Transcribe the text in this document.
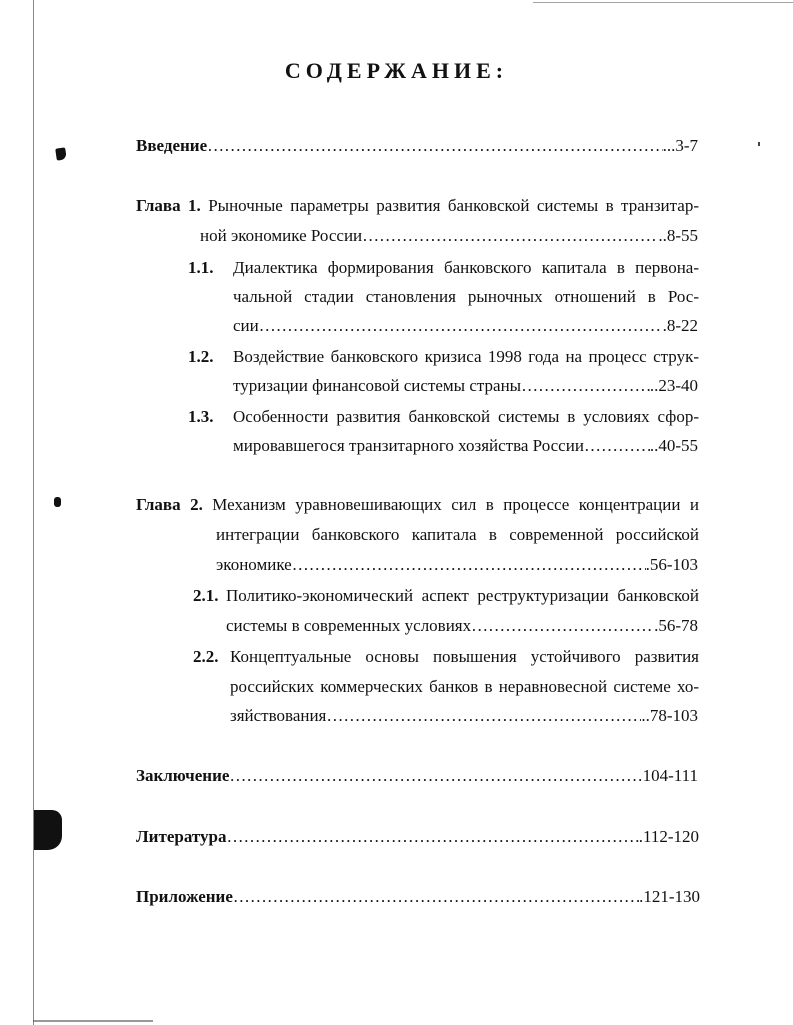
СОДЕРЖАНИЕ:
Введение ……………………………………………………………………………………………………………………………………………………………………………………………	...3-7
Глава 1. Рыночные параметры развития банковской системы в транзитар-
ной экономике России ……………………………………………………………………………………………………………………………………………………………………………………………	..8-55
1.1. Диалектика формирования банковского капитала в первона-
чальной стадии становления рыночных отношений в Рос-
сии ……………………………………………………………………………………………………………………………………………………………………………………………	.8-22
1.2. Воздействие банковского кризиса 1998 года на процесс струк-
туризации финансовой системы страны ……………………………………………………………………………………………………………………………………………………………………………………………	..23-40
1.3. Особенности развития банковской системы в условиях сфор-
мировавшегося транзитарного хозяйства России ……………………………………………………………………………………………………………………………………………………………………………………………	..40-55
Глава 2. Механизм уравновешивающих сил в процессе концентрации и
интеграции банковского капитала в современной российской
экономике ……………………………………………………………………………………………………………………………………………………………………………………………	.56-103
2.1. Политико-экономический аспект реструктуризации банковской
системы в современных условиях ……………………………………………………………………………………………………………………………………………………………………………………………	.56-78
2.2. Концептуальные основы повышения устойчивого развития
российских коммерческих банков в неравновесной системе хо-
зяйствования ……………………………………………………………………………………………………………………………………………………………………………………………	..78-103
Заключение ……………………………………………………………………………………………………………………………………………………………………………………………	104-111
Литература ……………………………………………………………………………………………………………………………………………………………………………………………	.112-120
Приложение ……………………………………………………………………………………………………………………………………………………………………………………………	.121-130
